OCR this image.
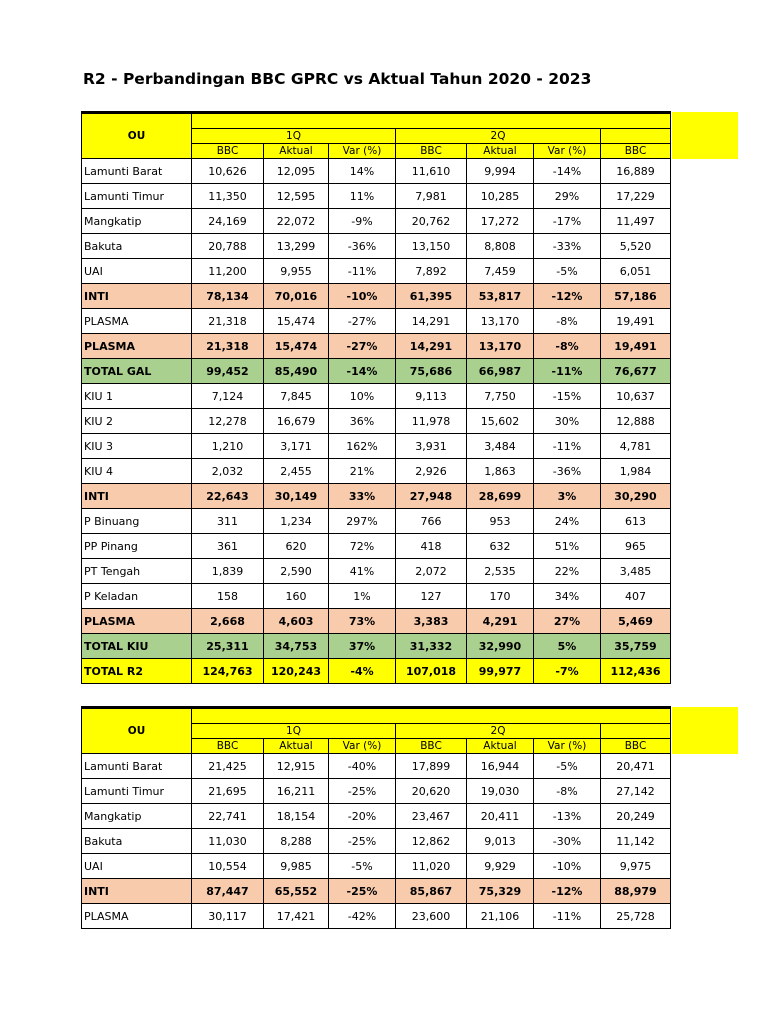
R2 - Perbandingan BBC GPRC vs Aktual Tahun 2020 - 2023
OU							
	1Q			2Q			
	BBC	Aktual	Var (%)	BBC	Aktual	Var (%)	BBC
Lamunti Barat	10,626	12,095	14%	11,610	9,994	-14%	16,889
Lamunti Timur	11,350	12,595	11%	7,981	10,285	29%	17,229
Mangkatip	24,169	22,072	-9%	20,762	17,272	-17%	11,497
Bakuta	20,788	13,299	-36%	13,150	8,808	-33%	5,520
UAI	11,200	9,955	-11%	7,892	7,459	-5%	6,051
INTI	78,134	70,016	-10%	61,395	53,817	-12%	57,186
PLASMA	21,318	15,474	-27%	14,291	13,170	-8%	19,491
PLASMA	21,318	15,474	-27%	14,291	13,170	-8%	19,491
TOTAL GAL	99,452	85,490	-14%	75,686	66,987	-11%	76,677
KIU 1	7,124	7,845	10%	9,113	7,750	-15%	10,637
KIU 2	12,278	16,679	36%	11,978	15,602	30%	12,888
KIU 3	1,210	3,171	162%	3,931	3,484	-11%	4,781
KIU 4	2,032	2,455	21%	2,926	1,863	-36%	1,984
INTI	22,643	30,149	33%	27,948	28,699	3%	30,290
P Binuang	311	1,234	297%	766	953	24%	613
PP Pinang	361	620	72%	418	632	51%	965
PT Tengah	1,839	2,590	41%	2,072	2,535	22%	3,485
P Keladan	158	160	1%	127	170	34%	407
PLASMA	2,668	4,603	73%	3,383	4,291	27%	5,469
TOTAL KIU	25,311	34,753	37%	31,332	32,990	5%	35,759
TOTAL R2	124,763	120,243	-4%	107,018	99,977	-7%	112,436
OU							
	1Q			2Q			
	BBC	Aktual	Var (%)	BBC	Aktual	Var (%)	BBC
Lamunti Barat	21,425	12,915	-40%	17,899	16,944	-5%	20,471
Lamunti Timur	21,695	16,211	-25%	20,620	19,030	-8%	27,142
Mangkatip	22,741	18,154	-20%	23,467	20,411	-13%	20,249
Bakuta	11,030	8,288	-25%	12,862	9,013	-30%	11,142
UAI	10,554	9,985	-5%	11,020	9,929	-10%	9,975
INTI	87,447	65,552	-25%	85,867	75,329	-12%	88,979
PLASMA	30,117	17,421	-42%	23,600	21,106	-11%	25,728
